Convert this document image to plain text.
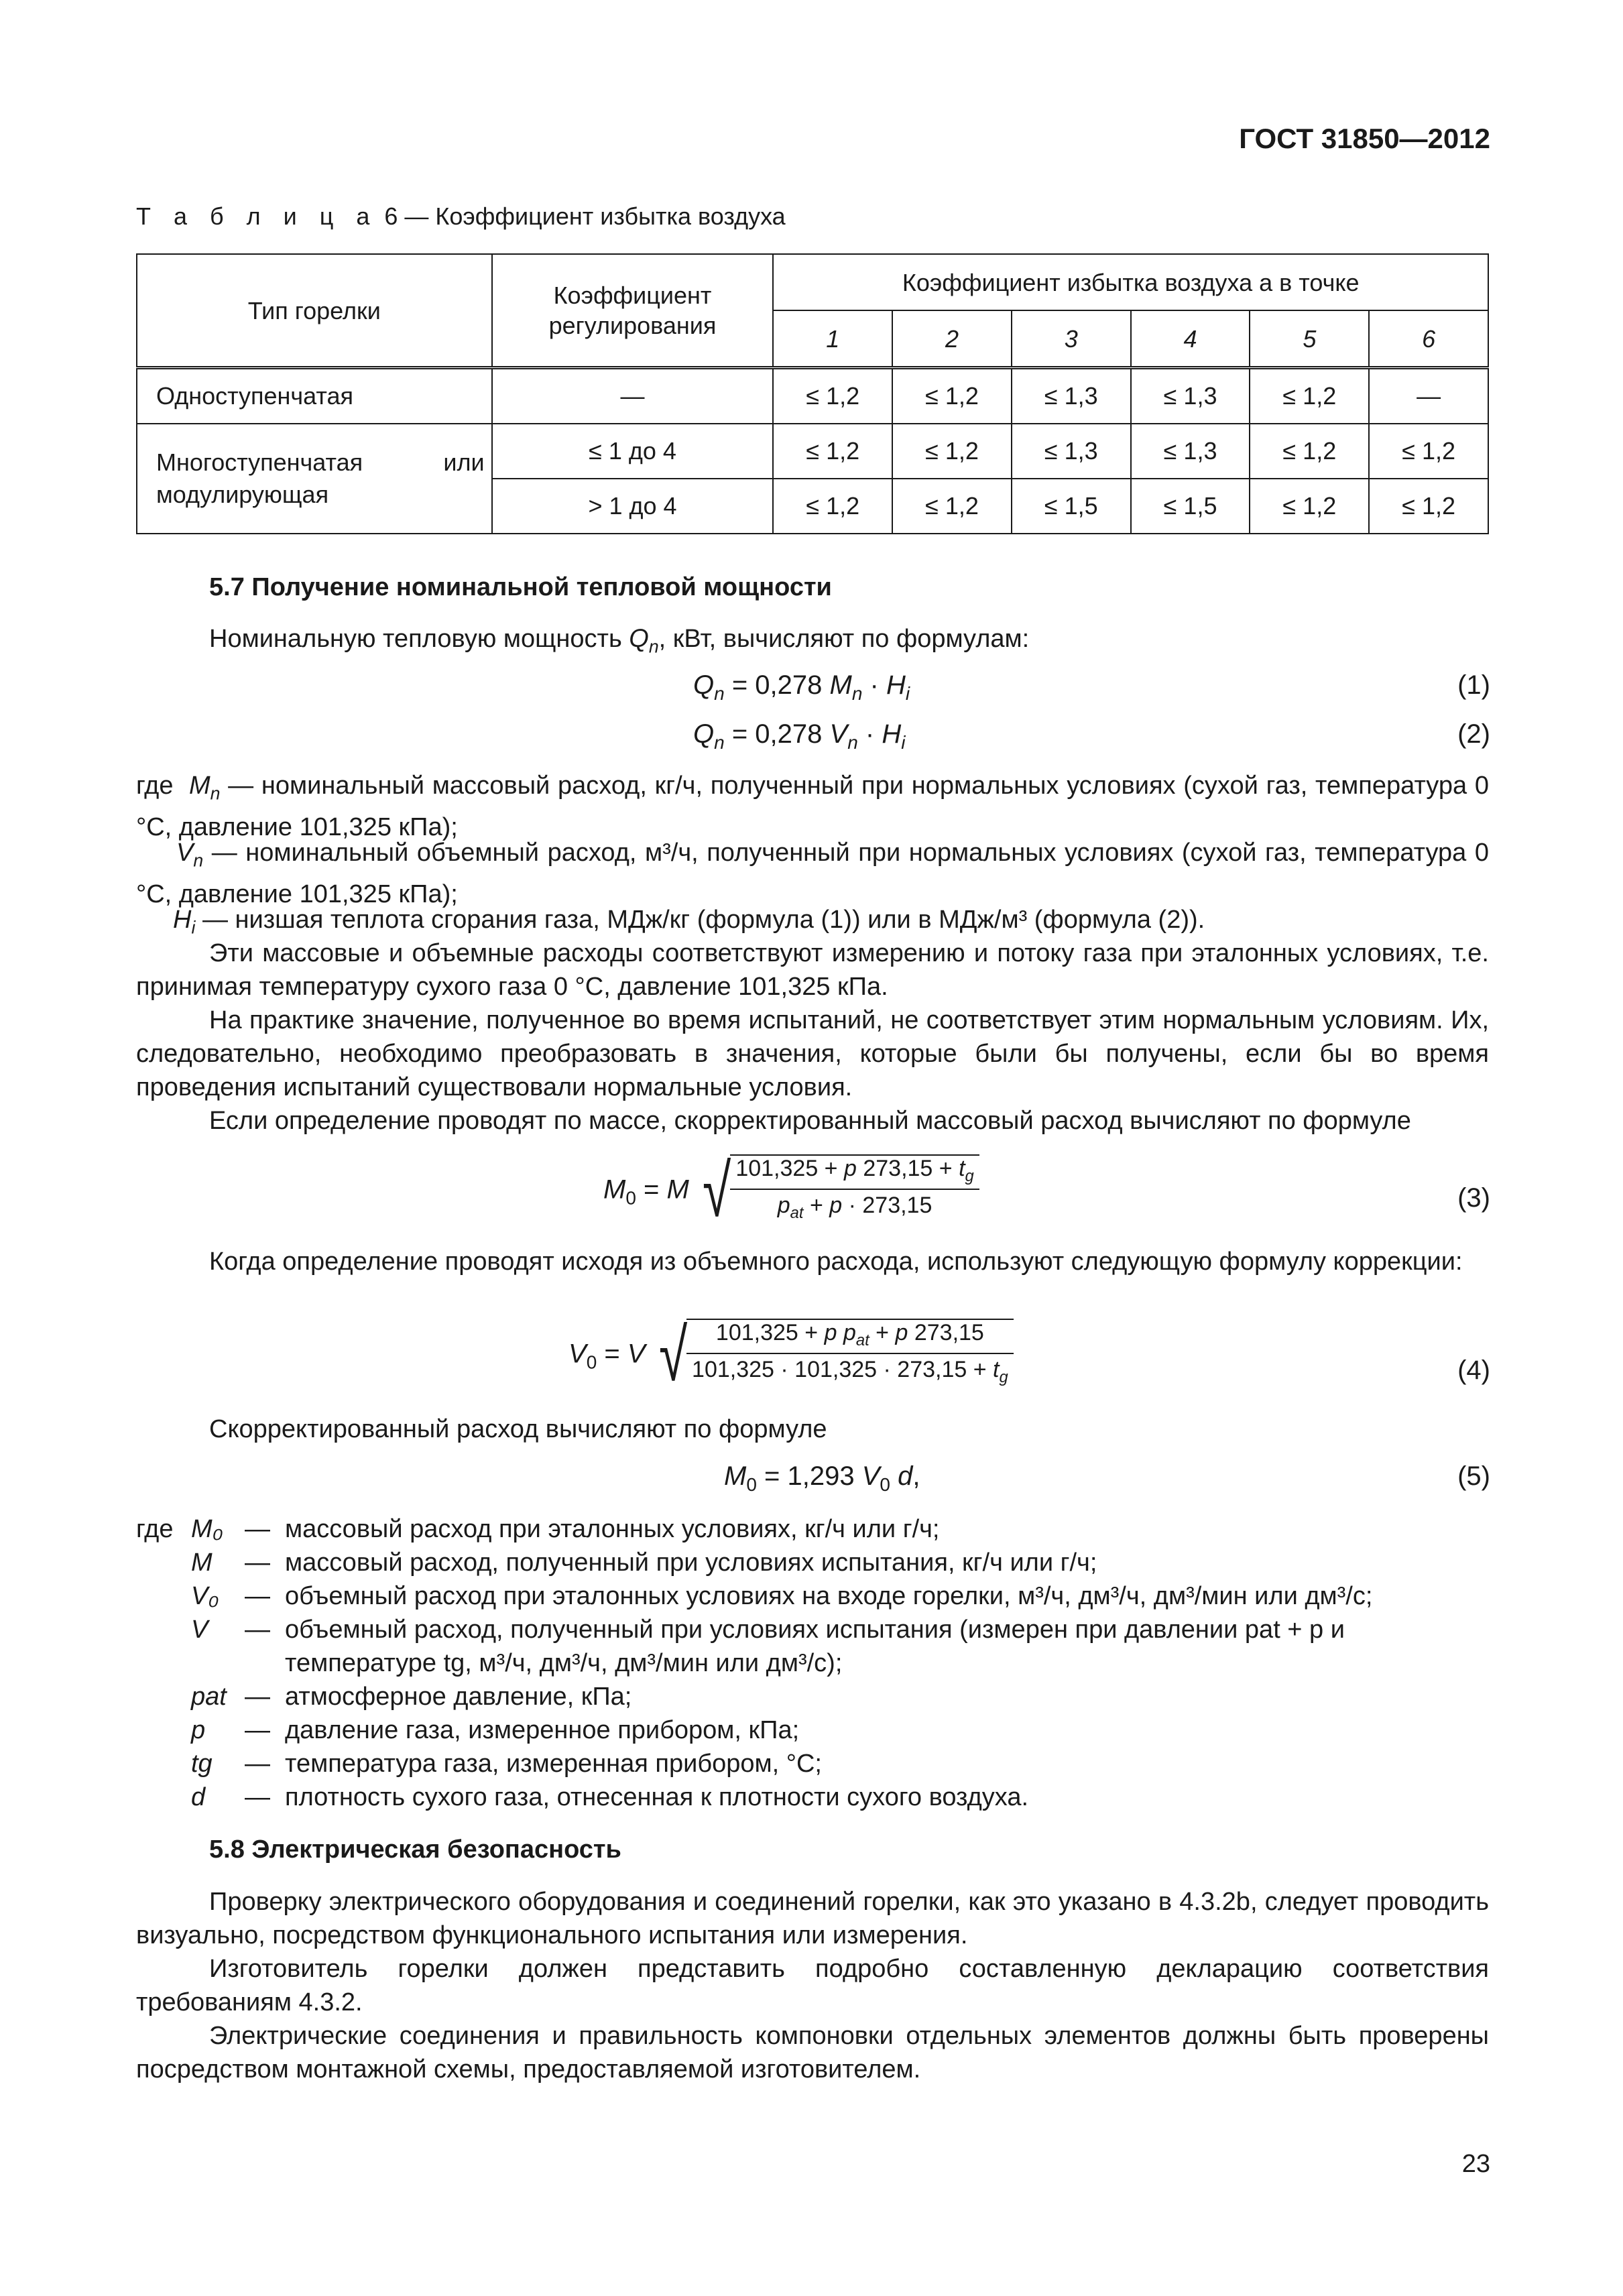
ГОСТ 31850—2012
Т а б л и ц а 6 — Коэффициент избытка воздуха
Тип горелки	Коэффициент регулирования	Коэффициент избытка воздуха a в точке					
		1	2	3	4	5	6
Одноступенчатая	—	≤ 1,2	≤ 1,2	≤ 1,3	≤ 1,3	≤ 1,2	—
Многоступенчатая или модулирующая	≤ 1 до 4	≤ 1,2	≤ 1,2	≤ 1,3	≤ 1,3	≤ 1,2	≤ 1,2
	> 1 до 4	≤ 1,2	≤ 1,2	≤ 1,5	≤ 1,5	≤ 1,2	≤ 1,2
5.7 Получение номинальной тепловой мощности
Номинальную тепловую мощность $Q_n$, кВт, вычисляют по формулам:
$Q_n = 0,278$ $M_n \cdot H_i$	(1)
$Q_n = 0,278$ $V_n \cdot H_i$	(2)
где  $M_n$ — номинальный массовый расход, кг/ч, полученный при нормальных условиях (сухой газ, температура 0 °С, давление 101,325 кПа);
$V_n$ — номинальный объемный расход, м³/ч, полученный при нормальных условиях (сухой газ, температура 0 °С, давление 101,325 кПа);
$H_i$ — низшая теплота сгорания газа, МДж/кг (формула (1)) или в МДж/м³ (формула (2)).
Эти массовые и объемные расходы соответствуют измерению и потоку газа при эталонных условиях, т.е. принимая температуру сухого газа 0 °С, давление 101,325 кПа.
На практике значение, полученное во время испытаний, не соответствует этим нормальным условиям. Их, следовательно, необходимо преобразовать в значения, которые были бы получены, если бы во время проведения испытаний существовали нормальные условия.
Если определение проводят по массе, скорректированный массовый расход вычисляют по формуле
$M_0 = M$ √ $\frac{101,325 + p 273,15 + t_g}{p_{at} + p \cdot 273,15}$	(3)
Когда определение проводят исходя из объемного расхода, используют следующую формулу коррекции:
$V_0 = V$ √ $\frac{101,325 + p p_{at} + p 273,15}{101,325 \cdot 101,325 \cdot 273,15 + t_g}$	(4)
Скорректированный расход вычисляют по формуле
$M_0 = 1,293$ $V_0$ d,	(5)
где M₀ — массовый расход при эталонных условиях, кг/ч или г/ч;
M	— массовый расход, полученный при условиях испытания, кг/ч или г/ч;
V₀	— объемный расход при эталонных условиях на входе горелки, м³/ч, дм³/ч, дм³/мин или дм³/с;
V	— объемный расход, полученный при условиях испытания (измерен при давлении pat + p и температуре tg, м³/ч, дм³/ч, дм³/мин или дм³/с);
pat — атмосферное давление, кПа;
p	— давление газа, измеренное прибором, кПа;
tg	— температура газа, измеренная прибором, °С;
d	— плотность сухого газа, отнесенная к плотности сухого воздуха.
5.8 Электрическая безопасность
Проверку электрического оборудования и соединений горелки, как это указано в 4.3.2b, следует проводить визуально, посредством функционального испытания или измерения.
Изготовитель горелки должен представить подробно составленную декларацию соответствия требованиям 4.3.2.
Электрические соединения и правильность компоновки отдельных элементов должны быть проверены посредством монтажной схемы, предоставляемой изготовителем.
23
